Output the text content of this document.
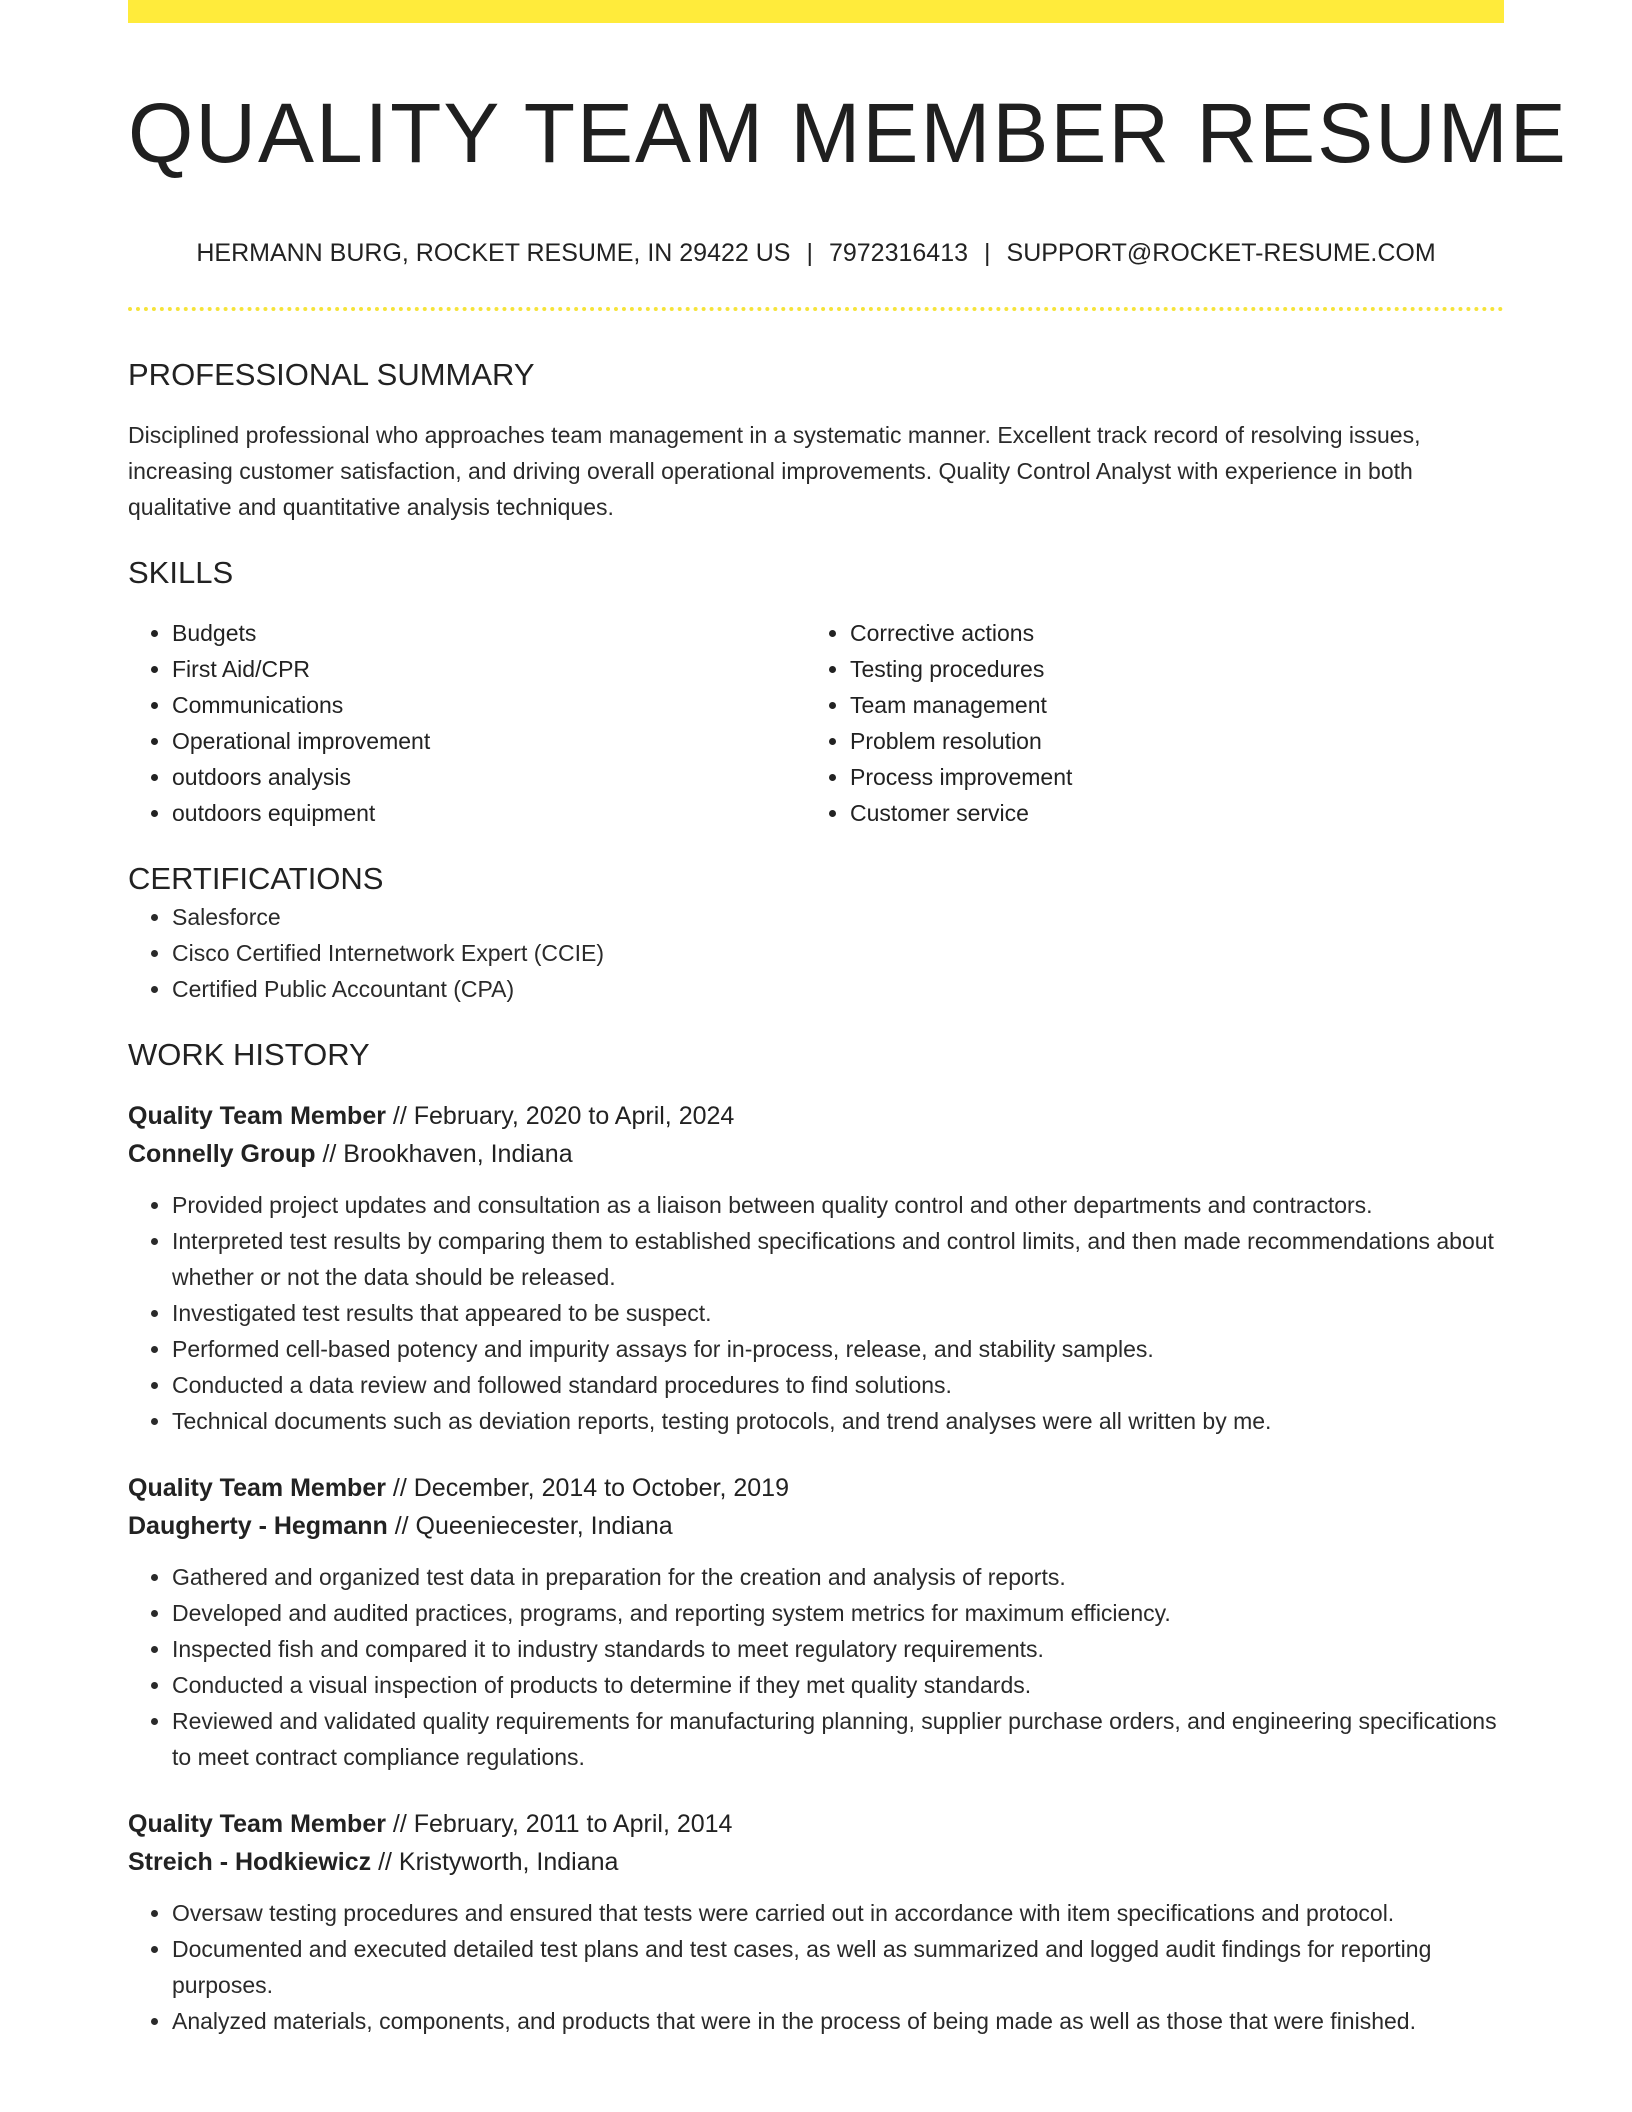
QUALITY TEAM MEMBER RESUME
HERMANN BURG, ROCKET RESUME, IN 29422 US | 7972316413 | SUPPORT@ROCKET-RESUME.COM
PROFESSIONAL SUMMARY

Disciplined professional who approaches team management in a systematic manner. Excellent track record of resolving issues, increasing customer satisfaction, and driving overall operational improvements. Quality Control Analyst with experience in both qualitative and quantitative analysis techniques.

SKILLS
• Budgets
• First Aid/CPR
• Communications
• Operational improvement
• outdoors analysis
• outdoors equipment
• Corrective actions
• Testing procedures
• Team management
• Problem resolution
• Process improvement
• Customer service
CERTIFICATIONS
• Salesforce
• Cisco Certified Internetwork Expert (CCIE)
• Certified Public Accountant (CPA)
WORK HISTORY
Quality Team Member // February, 2020 to April, 2024
Connelly Group // Brookhaven, Indiana
• Provided project updates and consultation as a liaison between quality control and other departments and contractors.
• Interpreted test results by comparing them to established specifications and control limits, and then made recommendations about whether or not the data should be released.
• Investigated test results that appeared to be suspect.
• Performed cell-based potency and impurity assays for in-process, release, and stability samples.
• Conducted a data review and followed standard procedures to find solutions.
• Technical documents such as deviation reports, testing protocols, and trend analyses were all written by me.
Quality Team Member // December, 2014 to October, 2019
Daugherty - Hegmann // Queeniecester, Indiana
• Gathered and organized test data in preparation for the creation and analysis of reports.
• Developed and audited practices, programs, and reporting system metrics for maximum efficiency.
• Inspected fish and compared it to industry standards to meet regulatory requirements.
• Conducted a visual inspection of products to determine if they met quality standards.
• Reviewed and validated quality requirements for manufacturing planning, supplier purchase orders, and engineering specifications to meet contract compliance regulations.
Quality Team Member // February, 2011 to April, 2014
Streich - Hodkiewicz // Kristyworth, Indiana
• Oversaw testing procedures and ensured that tests were carried out in accordance with item specifications and protocol.
• Documented and executed detailed test plans and test cases, as well as summarized and logged audit findings for reporting purposes.
• Analyzed materials, components, and products that were in the process of being made as well as those that were finished.
